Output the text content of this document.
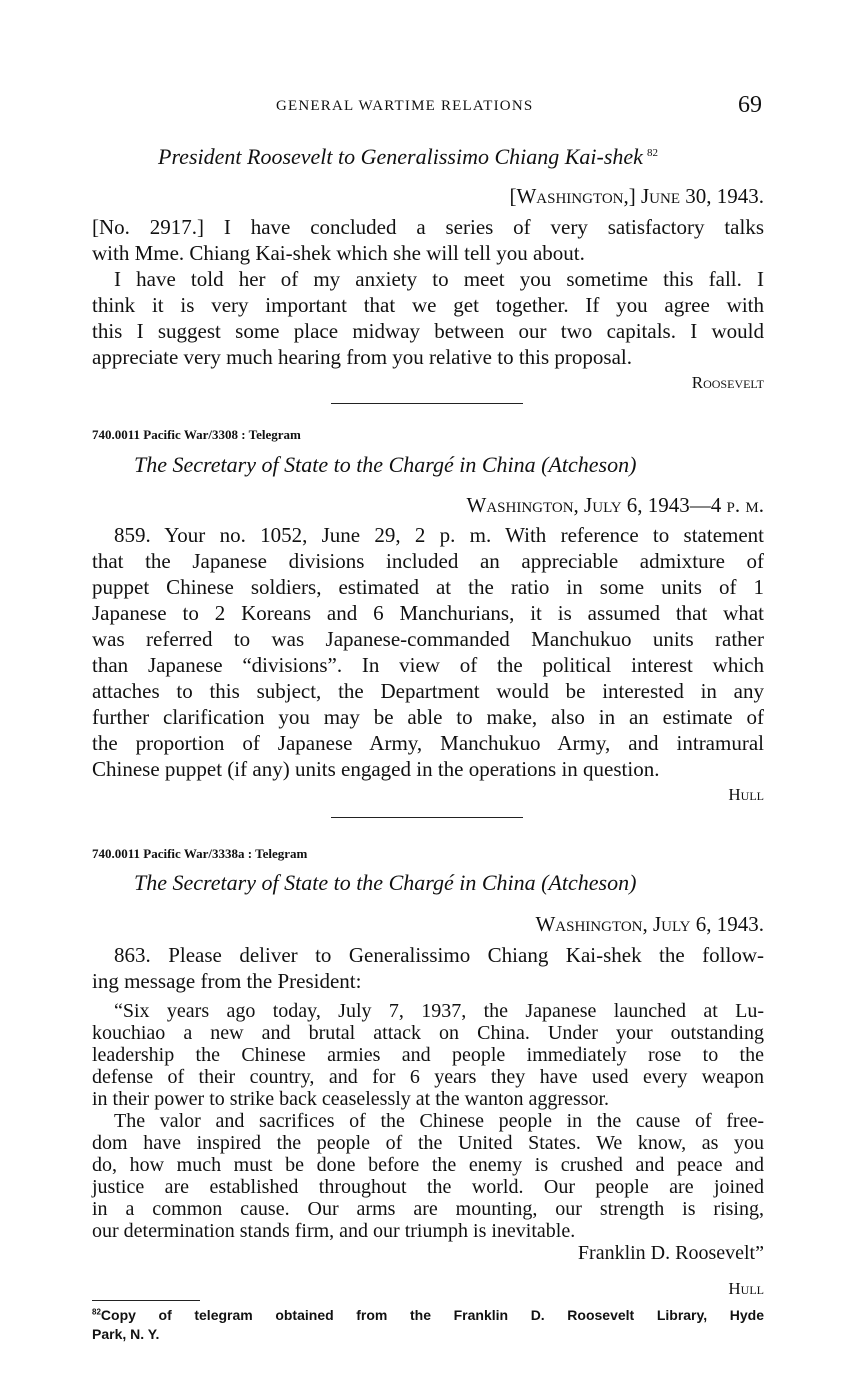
GENERAL WARTIME RELATIONS	69
President Roosevelt to Generalissimo Chiang Kai-shek $^{82}$
[Washington,] June 30, 1943.
[No. 2917.] I have concluded a series of very satisfactory talks
with Mme. Chiang Kai-shek which she will tell you about.
I have told her of my anxiety to meet you sometime this fall. I
think it is very important that we get together. If you agree with
this I suggest some place midway between our two capitals. I would
appreciate very much hearing from you relative to this proposal.
Roosevelt
740.0011 Pacific War/3308 : Telegram
The Secretary of State to the Chargé in China (Atcheson)
Washington, July 6, 1943—4 p. m.
859. Your no. 1052, June 29, 2 p. m. With reference to statement
that the Japanese divisions included an appreciable admixture of
puppet Chinese soldiers, estimated at the ratio in some units of 1
Japanese to 2 Koreans and 6 Manchurians, it is assumed that what
was referred to was Japanese-commanded Manchukuo units rather
than Japanese “divisions”. In view of the political interest which
attaches to this subject, the Department would be interested in any
further clarification you may be able to make, also in an estimate of
the proportion of Japanese Army, Manchukuo Army, and intramural
Chinese puppet (if any) units engaged in the operations in question.
Hull
740.0011 Pacific War/3338a : Telegram
The Secretary of State to the Chargé in China (Atcheson)
Washington, July 6, 1943.
863. Please deliver to Generalissimo Chiang Kai-shek the follow-
ing message from the President:
“Six years ago today, July 7, 1937, the Japanese launched at Lu-
kouchiao a new and brutal attack on China. Under your outstanding
leadership the Chinese armies and people immediately rose to the
defense of their country, and for 6 years they have used every weapon
in their power to strike back ceaselessly at the wanton aggressor.
The valor and sacrifices of the Chinese people in the cause of free-
dom have inspired the people of the United States. We know, as you
do, how much must be done before the enemy is crushed and peace and
justice are established throughout the world. Our people are joined
in a common cause. Our arms are mounting, our strength is rising,
our determination stands firm, and our triumph is inevitable.
Franklin D. Roosevelt”
Hull
$^{82}$Copy of telegram obtained from the Franklin D. Roosevelt Library, Hyde
Park, N. Y.
